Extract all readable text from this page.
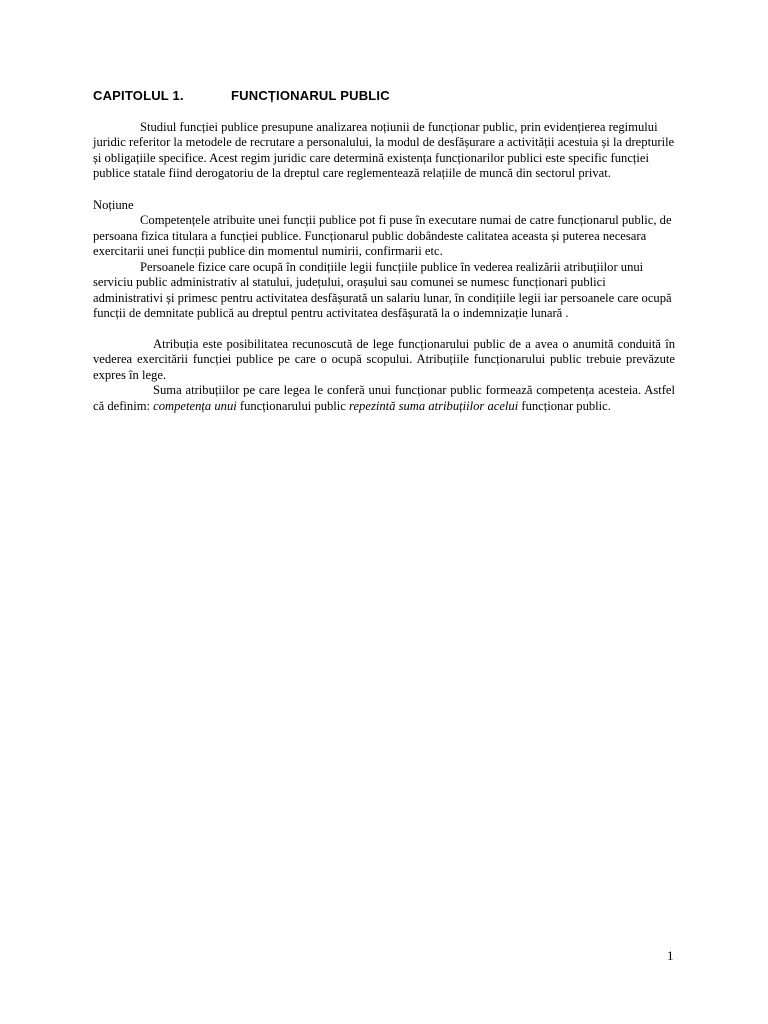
CAPITOLUL 1.	FUNCȚIONARUL PUBLIC

Studiul funcției publice presupune analizarea noțiunii de funcționar public, prin evidențierea regimului juridic referitor la metodele de recrutare a personalului, la modul de desfășurare a activității acestuia și la drepturile și obligațiile specifice. Acest regim juridic care determină existența funcționarilor publici este specific funcției publice statale fiind derogatoriu de la dreptul care reglementează relațiile de muncă din sectorul privat.

Noțiune

Competențele atribuite unei funcții publice pot fi puse în executare numai de catre funcționarul public, de persoana fizica titulara a funcției publice. Funcționarul public dobândeste calitatea aceasta și puterea necesara exercitarii unei funcții publice din momentul numirii, confirmarii etc.

Persoanele fizice care ocupă în condițiile legii funcțiile publice în vederea realizării atribuțiilor unui serviciu public administrativ al statului, județului, orașului sau comunei se numesc funcționari publici administrativi și primesc pentru activitatea desfășurată un salariu lunar, în condițiile legii iar persoanele care ocupă funcții de demnitate publică au dreptul pentru activitatea desfășurată la o indemnizație lunară .

Atribuția este posibilitatea recunoscută de lege funcționarului public de a avea o anumită conduită în vederea exercitării funcției publice pe care o ocupă scopului. Atribuțiile funcționarului public trebuie prevăzute expres în lege.

Suma atribuțiilor pe care legea le conferă unui funcționar public formează competența acesteia. Astfel că definim: competența unui funcționarului public repezintă suma atribuțiilor acelui funcționar public.

1
